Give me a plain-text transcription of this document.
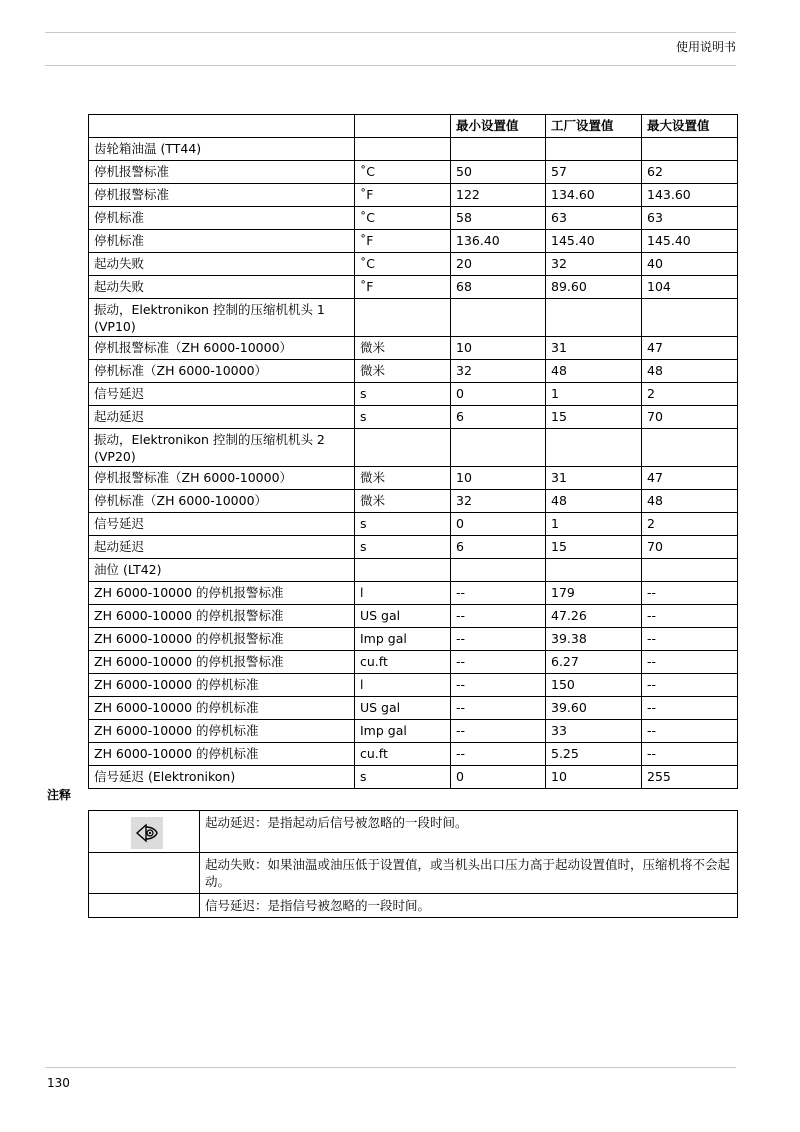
使用说明书
		最小设置值	工厂设置值	最大设置值
齿轮箱油温 (TT44)				
停机报警标准	˚C	50	57	62
停机报警标准	˚F	122	134.60	143.60
停机标准	˚C	58	63	63
停机标准	˚F	136.40	145.40	145.40
起动失败	˚C	20	32	40
起动失败	˚F	68	89.60	104
振动，Elektronikon 控制的压缩机机头 1 (VP10)				
停机报警标准（ZH 6000-10000）	微米	10	31	47
停机标准（ZH 6000-10000）	微米	32	48	48
信号延迟	s	0	1	2
起动延迟	s	6	15	70
振动，Elektronikon 控制的压缩机机头 2 (VP20)				
停机报警标准（ZH 6000-10000）	微米	10	31	47
停机标准（ZH 6000-10000）	微米	32	48	48
信号延迟	s	0	1	2
起动延迟	s	6	15	70
油位 (LT42)				
ZH 6000-10000 的停机报警标准	l	--	179	--
ZH 6000-10000 的停机报警标准	US gal	--	47.26	--
ZH 6000-10000 的停机报警标准	Imp gal	--	39.38	--
ZH 6000-10000 的停机报警标准	cu.ft	--	6.27	--
ZH 6000-10000 的停机标准	l	--	150	--
ZH 6000-10000 的停机标准	US gal	--	39.60	--
ZH 6000-10000 的停机标准	Imp gal	--	33	--
ZH 6000-10000 的停机标准	cu.ft	--	5.25	--
信号延迟 (Elektronikon)	s	0	10	255
注释
	起动延迟：是指起动后信号被忽略的一段时间。
	起动失败：如果油温或油压低于设置值，或当机头出口压力高于起动设置值时，压缩机将不会起动。
	信号延迟：是指信号被忽略的一段时间。
130
